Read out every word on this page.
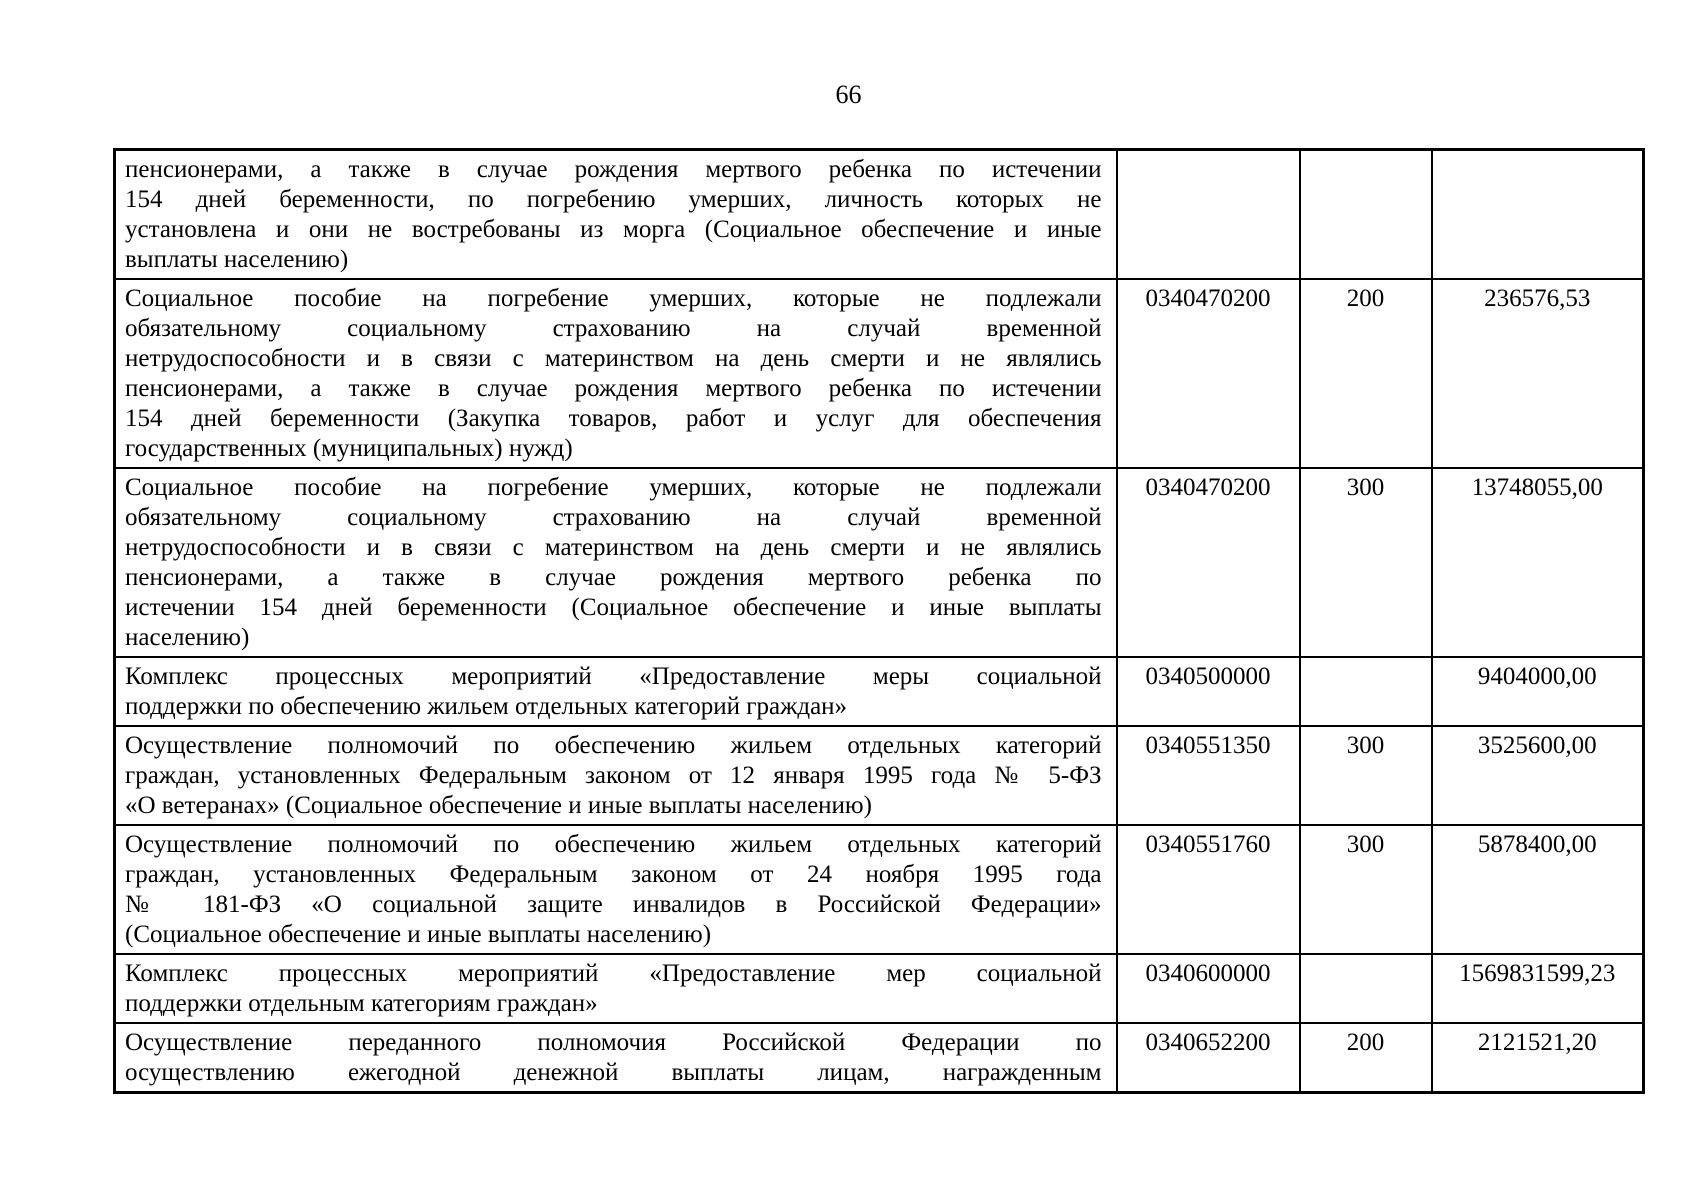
66
пенсионерами, а также в случае рождения мертвого ребенка по истечении
154 дней беременности, по погребению умерших, личность которых не
установлена и они не востребованы из морга (Социальное обеспечение и иные
выплаты населению)			

Социальное пособие на погребение умерших, которые не подлежали
обязательному социальному страхованию на случай временной
нетрудоспособности и в связи с материнством на день смерти и не являлись
пенсионерами, а также в случае рождения мертвого ребенка по истечении
154 дней беременности (Закупка товаров, работ и услуг для обеспечения
государственных (муниципальных) нужд)
	0340470200	200	236576,53

Социальное пособие на погребение умерших, которые не подлежали
обязательному социальному страхованию на случай временной
нетрудоспособности и в связи с материнством на день смерти и не являлись
пенсионерами, а также в случае рождения мертвого ребенка по
истечении 154 дней беременности (Социальное обеспечение и иные выплаты
населению)
	0340470200	300	13748055,00

Комплекс процессных мероприятий «Предоставление меры социальной
поддержки по обеспечению жильем отдельных категорий граждан»	0340500000		9404000,00

Осуществление полномочий по обеспечению жильем отдельных категорий
граждан, установленных Федеральным законом от 12 января 1995 года № 5-ФЗ
«О ветеранах» (Социальное обеспечение и иные выплаты населению)	0340551350	300	3525600,00

Осуществление полномочий по обеспечению жильем отдельных категорий
граждан, установленных Федеральным законом от 24 ноября 1995 года
№ 181-ФЗ «О социальной защите инвалидов в Российской Федерации»
(Социальное обеспечение и иные выплаты населению)	0340551760	300	5878400,00

Комплекс процессных мероприятий «Предоставление мер социальной
поддержки отдельным категориям граждан»	0340600000		1569831599,23

Осуществление переданного полномочия Российской Федерации по
осуществлению ежегодной денежной выплаты лицам, награжденным	0340652200	200	2121521,20
